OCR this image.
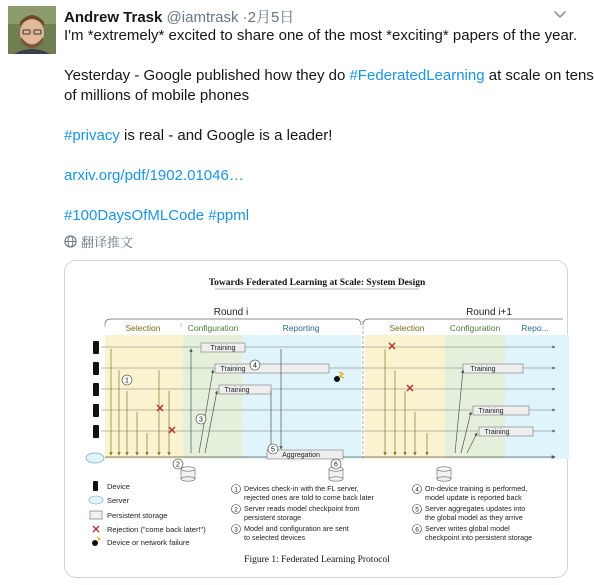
Andrew Trask @iamtrask ·2月5日
I'm *extremely* excited to share one of the most *exciting* papers of the year.
Yesterday - Google published how they do #FederatedLearning at scale on tens
of millions of mobile phones
#privacy is real - and Google is a leader!
arxiv.org/pdf/1902.01046…
#100DaysOfMLCode #ppml
翻译推文
Towards Federated Learning at Scale: System Design
Round i	Round i+1
Selection	Configuration	Reporting	Selection	Configuration Repo...
Training
Training
Training
Training
Training
Training
Aggregation
1
2
3
4
5
6
Device
Server
Persistent storage
Rejection ("come back later!")
Device or network failure
1 Devices check-in with the FL server,
rejected ones are told to come back later
2 Server reads model checkpoint from
persistent storage
3 Model and configuration are sent
to selected devices
4 On-device training is performed,
model update is reported back
5 Server aggregates updates into
the global model as they arrive
6 Server writes global model
checkpoint into persistent storage
Figure 1: Federated Learning Protocol
